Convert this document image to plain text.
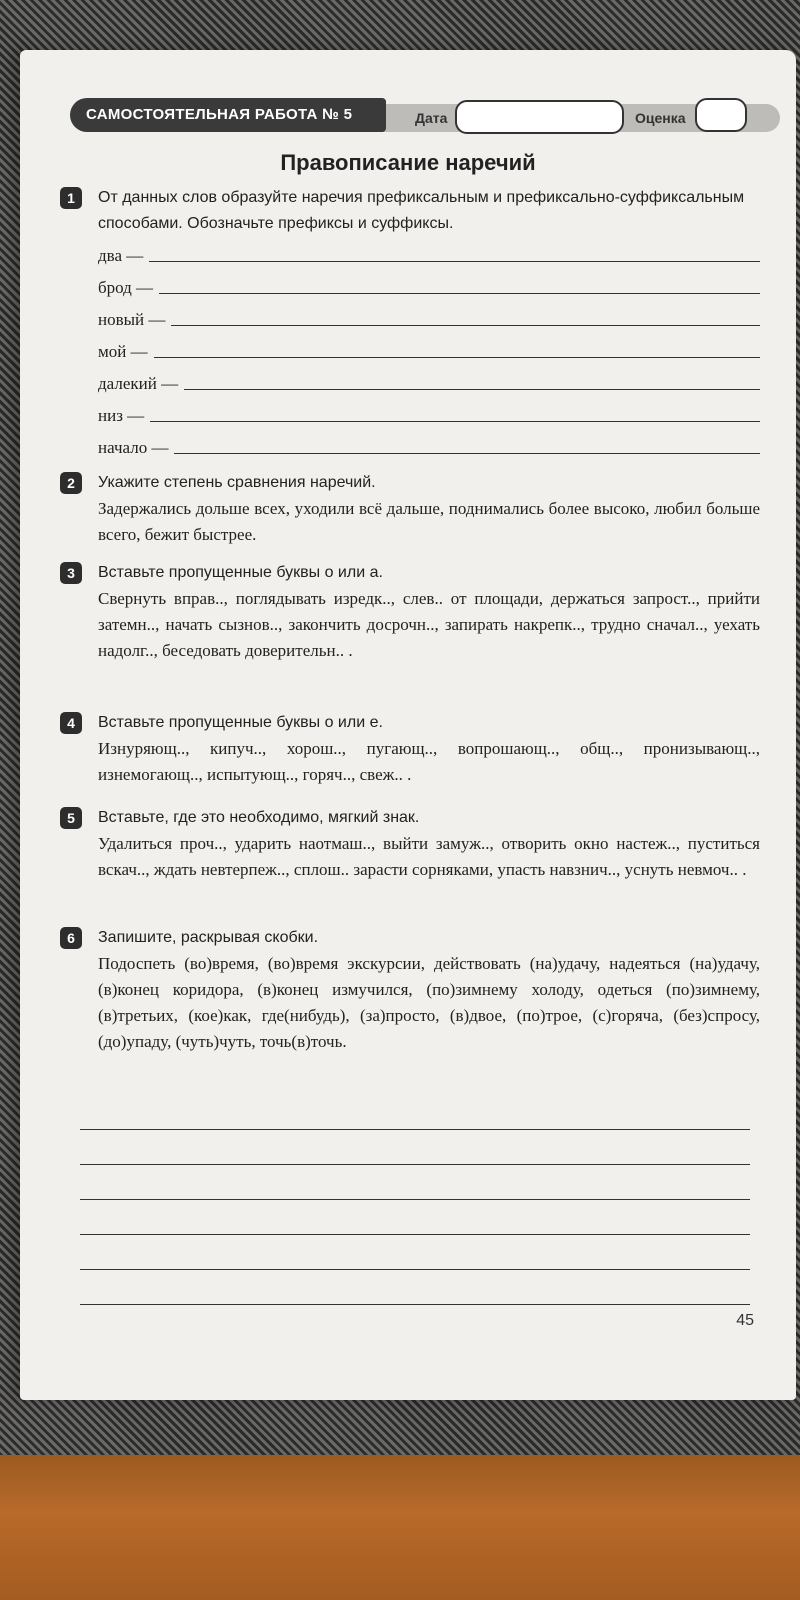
САМОСТОЯТЕЛЬНАЯ РАБОТА № 5	Дата	Оценка
Правописание наречий
1	От данных слов образуйте наречия префиксальным и префиксально-суффиксальным способами. Обозначьте префиксы и суффиксы.
два —
брод —
новый —
мой —
далекий —
низ —
начало —
2	Укажите степень сравнения наречий.
Задержались дольше всех, уходили всё дальше, поднимались более высоко, любил больше всего, бежит быстрее.
3	Вставьте пропущенные буквы о или а.
Свернуть вправ.., поглядывать изредк.., слев.. от площади, держаться запрост.., прийти затемн.., начать сызнов.., закончить досрочн.., запирать накрепк.., трудно сначал.., уехать надолг.., беседовать доверительн.. .
4	Вставьте пропущенные буквы о или е.
Изнуряющ.., кипуч.., хорош.., пугающ.., вопрошающ.., общ.., пронизывающ.., изнемогающ.., испытующ.., горяч.., свеж.. .
5	Вставьте, где это необходимо, мягкий знак.
Удалиться проч.., ударить наотмаш.., выйти замуж.., отворить окно настеж.., пуститься вскач.., ждать невтерпеж.., сплош.. зарасти сорняками, упасть навзнич.., уснуть невмоч.. .
6	Запишите, раскрывая скобки.
Подоспеть (во)время, (во)время экскурсии, действовать (на)удачу, надеяться (на)удачу, (в)конец коридора, (в)конец измучился, (по)зимнему холоду, одеться (по)зимнему, (в)третьих, (кое)как, где(нибудь), (за)просто, (в)двое, (по)трое, (с)горяча, (без)спросу, (до)упаду, (чуть)чуть, точь(в)точь.
45
